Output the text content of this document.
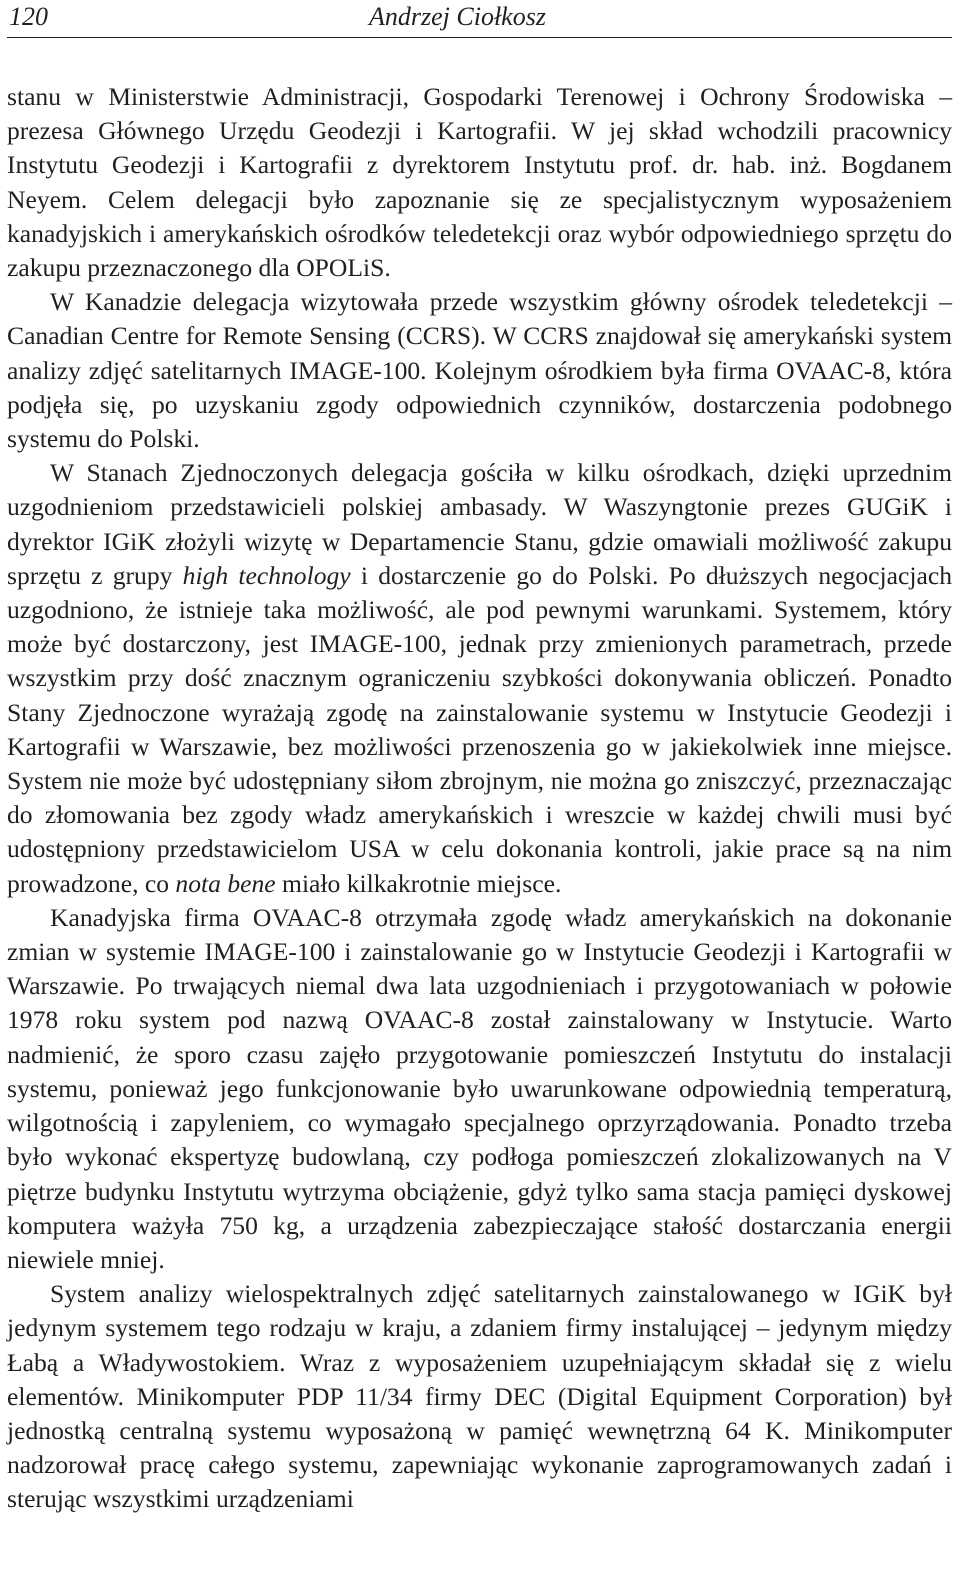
120	Andrzej Ciołkosz

stanu w Ministerstwie Administracji, Gospodarki Terenowej i Ochrony Środowiska – prezesa Głównego Urzędu Geodezji i Kartografii. W jej skład wchodzili pracownicy Instytutu Geodezji i Kartografii z dyrektorem Instytutu prof. dr. hab. inż. Bogdanem Neyem. Celem delegacji było zapoznanie się ze specjalistycznym wyposażeniem kanadyjskich i amerykańskich ośrodków teledetekcji oraz wybór odpowiedniego sprzętu do zakupu przeznaczonego dla OPOLiS.

W Kanadzie delegacja wizytowała przede wszystkim główny ośrodek teledetekcji – Canadian Centre for Remote Sensing (CCRS). W CCRS znajdował się amerykański system analizy zdjęć satelitarnych IMAGE-100. Kolejnym ośrodkiem była firma OVAAC-8, która podjęła się, po uzyskaniu zgody odpowiednich czynników, dostarczenia podobnego systemu do Polski.

W Stanach Zjednoczonych delegacja gościła w kilku ośrodkach, dzięki uprzednim uzgodnieniom przedstawicieli polskiej ambasady. W Waszyngtonie prezes GUGiK i dyrektor IGiK złożyli wizytę w Departamencie Stanu, gdzie omawiali możliwość zakupu sprzętu z grupy high technology i dostarczenie go do Polski. Po dłuższych negocjacjach uzgodniono, że istnieje taka możliwość, ale pod pewnymi warunkami. Systemem, który może być dostarczony, jest IMAGE-100, jednak przy zmienionych parametrach, przede wszystkim przy dość znacznym ograniczeniu szybkości dokonywania obliczeń. Ponadto Stany Zjednoczone wyrażają zgodę na zainstalowanie systemu w Instytucie Geodezji i Kartografii w Warszawie, bez możliwości przenoszenia go w jakiekolwiek inne miejsce. System nie może być udostępniany siłom zbrojnym, nie można go zniszczyć, przeznaczając do złomowania bez zgody władz amerykańskich i wreszcie w każdej chwili musi być udostępniony przedstawicielom USA w celu dokonania kontroli, jakie prace są na nim prowadzone, co nota bene miało kilkakrotnie miejsce.

Kanadyjska firma OVAAC-8 otrzymała zgodę władz amerykańskich na dokonanie zmian w systemie IMAGE-100 i zainstalowanie go w Instytucie Geodezji i Kartografii w Warszawie. Po trwających niemal dwa lata uzgodnieniach i przygotowaniach w połowie 1978 roku system pod nazwą OVAAC-8 został zainstalowany w Instytucie. Warto nadmienić, że sporo czasu zajęło przygotowanie pomieszczeń Instytutu do instalacji systemu, ponieważ jego funkcjonowanie było uwarunkowane odpowiednią temperaturą, wilgotnością i zapyleniem, co wymagało specjalnego oprzyrządowania. Ponadto trzeba było wykonać ekspertyzę budowlaną, czy podłoga pomieszczeń zlokalizowanych na V piętrze budynku Instytutu wytrzyma obciążenie, gdyż tylko sama stacja pamięci dyskowej komputera ważyła 750 kg, a urządzenia zabezpieczające stałość dostarczania energii niewiele mniej.

System analizy wielospektralnych zdjęć satelitarnych zainstalowanego w IGiK był jedynym systemem tego rodzaju w kraju, a zdaniem firmy instalującej – jedynym między Łabą a Władywostokiem. Wraz z wyposażeniem uzupełniającym składał się z wielu elementów. Minikomputer PDP 11/34 firmy DEC (Digital Equipment Corporation) był jednostką centralną systemu wyposażoną w pamięć wewnętrzną 64 K. Minikomputer nadzorował pracę całego systemu, zapewniając wykonanie zaprogramowanych zadań i sterując wszystkimi urządzeniami
